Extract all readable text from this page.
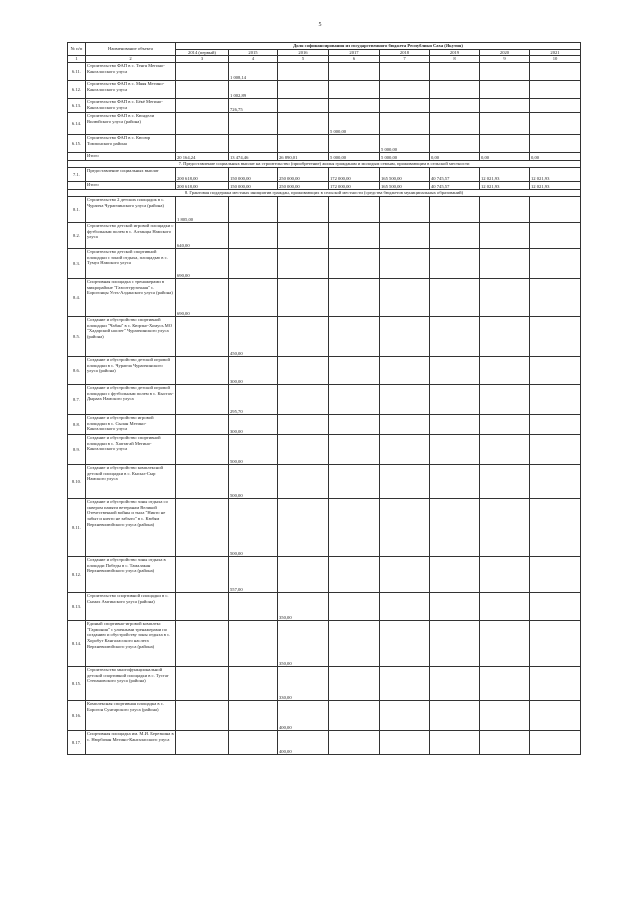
5
№ п/п	Наименование объекта	Доля софинансирования из государственного бюджета Республики Саха (Якутия)							
		2014 (первый)	2015	2016	2017	2018	2019	2020	2021
1	2	3	4	5	6	7	8	9	10
6.11.	Строительство ФАП в с. Тенгя Мегино-Кангаласского улуса		1 008,14						
6.12.	Строительство ФАП в с. Мяяя Мегино-Кангаласского улуса		1 002,89						
6.13.	Строительство ФАП в с. Бёкё Мегино-Кангаласского улуса		726,75						
6.14.	Строительство ФАП в с. Кюндели Вилюйского улуса (района)				5 000,00				
6.15.	Строительство ФАП в с. Кюсюр Томпонского района					5 000,00			
	Итого	20 164,24	13 474,46	26 890,01	5 000,00	5 000,00	0,00	0,00	0,00
7. Предоставление социальных выплат на строительство (приобретение) жилья гражданам и молодым семьям, проживающим в сельской местности									
7.1.	Предоставление социальных выплат	200 618,00	150 000,00	250 000,00	172 000,00	165 500,00	40 745,57	12 021,93	12 021,93
	Итого	200 618,00	150 000,00	250 000,00	172 000,00	165 500,00	40 745,57	12 021,93	12 021,93
8. Грантовая поддержка местных инициатив граждан, проживающих в сельской местности (средства бюджетов муниципальных образований)									
8.1.	Строительство 2 детских площадок в с. Чурапча Чурапчинского улуса (района)	1 805,00							
8.2.	Строительство детской игровой площадки с футбольным полем в с. Алтанцы Намского улуса	640,00							
8.3.	Строительство детской спортивной площадки с зоной отдыха, площадью в с. Тумул Намского улуса	690,00							
8.4.	Спортивная площадка с тренажерами в микрорайоне "Газоотгрузочная" с. Борогонцы Усть-Алданского улуса (района)	690,00							
8.5.	Создание и обустройство спортивной площадки "Чабан" в с. Кюрэнг-Хомусь МО "Хадарский наслег" Чурапчинского улуса (района)		450,00						
8.6.	Создание и обустройство детской игровой площадки в с. Чурапча Чурапчинского улуса (района)		300,00						
8.7.	Создание и обустройство детской игровой площадки с футбольным полем в с. Кыстах-Дыраах Намского улуса		295,70						
8.8.	Создание и обустройство игровой площадки в с. Сылан Мегино-Кангаласского улуса		300,00						
8.9.	Создание и обустройство спортивной площадки в с. Хаптагай Мегино-Кангаласского улуса		500,00						
8.10.	Создание и обустройство комплексной детской площадки в с. Кысыл-Сыр Намского улуса		500,00						
8.11.	Создание и обустройство зоны отдыха со сквером памяти ветеранам Великой Отечественной войны и тыла "Никто не забыт и ничто не забыто" в с. Кюбям Верхневилюйского улуса (района)		500,00						
8.12.	Создание и обустройство зоны отдыха в площади Победы в с. Тамалакан Верхневилюйского улуса (района)		557,00						
8.13.	Строительство спортивной площадки в с. Сымах Амгинского улуса (района)			350,00					
8.14.	Единый спортивно-игровой комплекс "Гармония" с уличными тренажерами по созданию и обустройству зоны отдыха в с. Хоробут Кангаласского наслега Верхневилюйского улуса (района)			350,00					
8.15.	Строительство многофункциональной детской спортивной площадки в с. Тустаг Степановского улуса (района)			330,00					
8.16.	Комплексная спортивная площадка в с. Борогон Сунтарского улуса (района)			400,00					
8.17.	Спортивная площадка им. М.И. Березкина в с. Нюрбачан Мегино-Кангаласского улуса			400,00					
